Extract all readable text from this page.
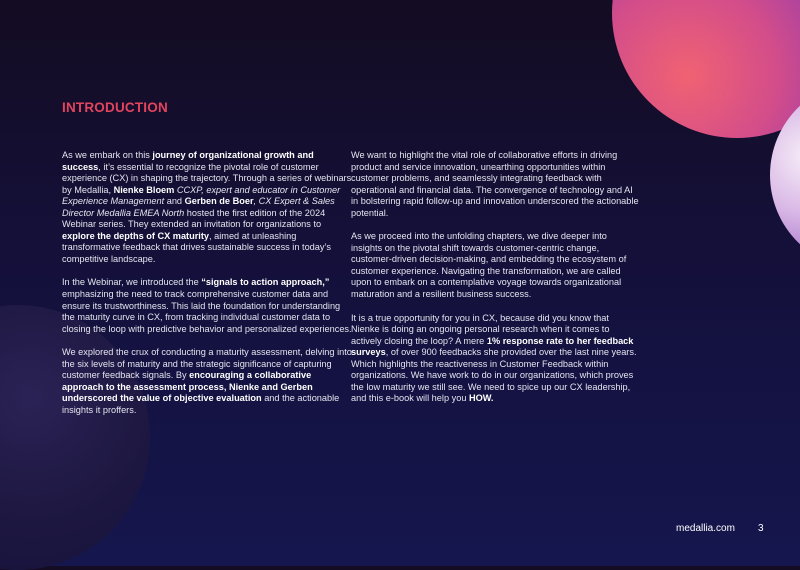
INTRODUCTION

As we embark on this journey of organizational growth and success, it’s essential to recognize the pivotal role of customer experience (CX) in shaping the trajectory. Through a series of webinars by Medallia, Nienke Bloem CCXP, expert and educator in Customer Experience Management and Gerben de Boer, CX Expert & Sales Director Medallia EMEA North hosted the first edition of the 2024 Webinar series. They extended an invitation for organizations to explore the depths of CX maturity, aimed at unleashing transformative feedback that drives sustainable success in today’s competitive landscape.

In the Webinar, we introduced the “signals to action approach,” emphasizing the need to track comprehensive customer data and ensure its trustworthiness. This laid the foundation for understanding the maturity curve in CX, from tracking individual customer data to closing the loop with predictive behavior and personalized experiences.

We explored the crux of conducting a maturity assessment, delving into the six levels of maturity and the strategic significance of capturing customer feedback signals. By encouraging a collaborative approach to the assessment process, Nienke and Gerben underscored the value of objective evaluation and the actionable insights it proffers.

We want to highlight the vital role of collaborative efforts in driving product and service innovation, unearthing opportunities within customer problems, and seamlessly integrating feedback with operational and financial data. The convergence of technology and AI in bolstering rapid follow-up and innovation underscored the actionable potential.

As we proceed into the unfolding chapters, we dive deeper into insights on the pivotal shift towards customer-centric change, customer-driven decision-making, and embedding the ecosystem of customer experience. Navigating the transformation, we are called upon to embark on a contemplative voyage towards organizational maturation and a resilient business success.

It is a true opportunity for you in CX, because did you know that Nienke is doing an ongoing personal research when it comes to actively closing the loop? A mere 1% response rate to her feedback surveys, of over 900 feedbacks she provided over the last nine years. Which highlights the reactiveness in Customer Feedback within organizations. We have work to do in our organizations, which proves the low maturity we still see. We need to spice up our CX leadership, and this e-book will help you HOW.

medallia.com 3
